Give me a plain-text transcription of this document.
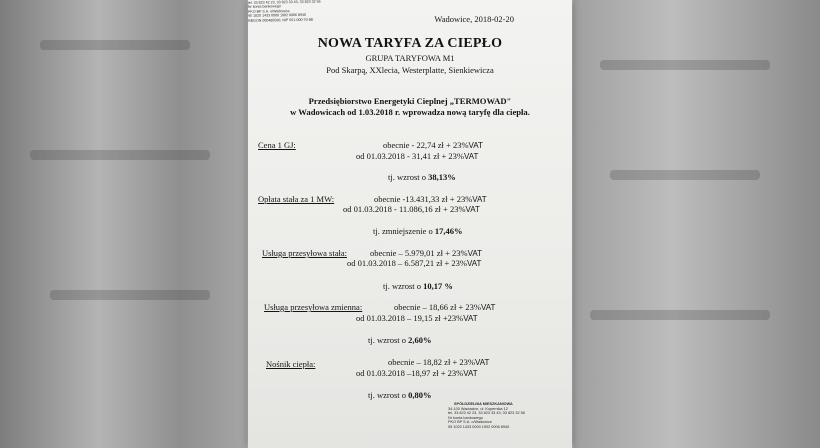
tel. 33 823 42 23, 33 823 33 43, 33 823 32 56
Nr konta bankowego
PKO BP S.A. o/Wadowice
95 1020 1433 0000 1902 0006 8940
REGON 000485590, NIP 551-000-70-88	Wadowice, 2018-02-20
NOWA TARYFA ZA CIEPŁO
GRUPA TARYFOWA M1
Pod Skarpą, XXlecia, Westerplatte, Sienkiewicza
Przedsiębiorstwo Energetyki Cieplnej „TERMOWAD"
w Wadowicach od 1.03.2018 r. wprowadza nową taryfę dla ciepła.
Cena 1 GJ:	obecnie - 22,74 zł + 23%VAT
od 01.03.2018 - 31,41 zł + 23%VAT
tj. wzrost o 38,13%
Opłata stała za 1 MW:	obecnie -13.431,33 zł + 23%VAT
od 01.03.2018 - 11.086,16 zł + 23%VAT
tj. zmniejszenie o 17,46%
Usługa przesyłowa stała:	obecnie – 5.979,01 zł + 23%VAT
od 01.03.2018 – 6.587,21 zł + 23%VAT
tj. wzrost o 10,17 %
Usługa przesyłowa zmienna:	obecnie – 18,66 zł + 23%VAT
od 01.03.2018 – 19,15 zł +23%VAT
tj. wzrost o 2,60%
Nośnik ciepła:	obecnie – 18,82 zł + 23%VAT
od 01.03.2018 –18,97 zł + 23%VAT
tj. wzrost o 0,80%
SPÓŁDZIELNIA MIESZKANIOWA
34-100 Wadowice, ul. Kopernika 12
tel. 33 823 42 23, 33 823 33 43, 33 823 32 56
Nr konta bankowego
PKO BP S.A. o/Wadowice
95 1020 1433 0000 1902 0006 8940
